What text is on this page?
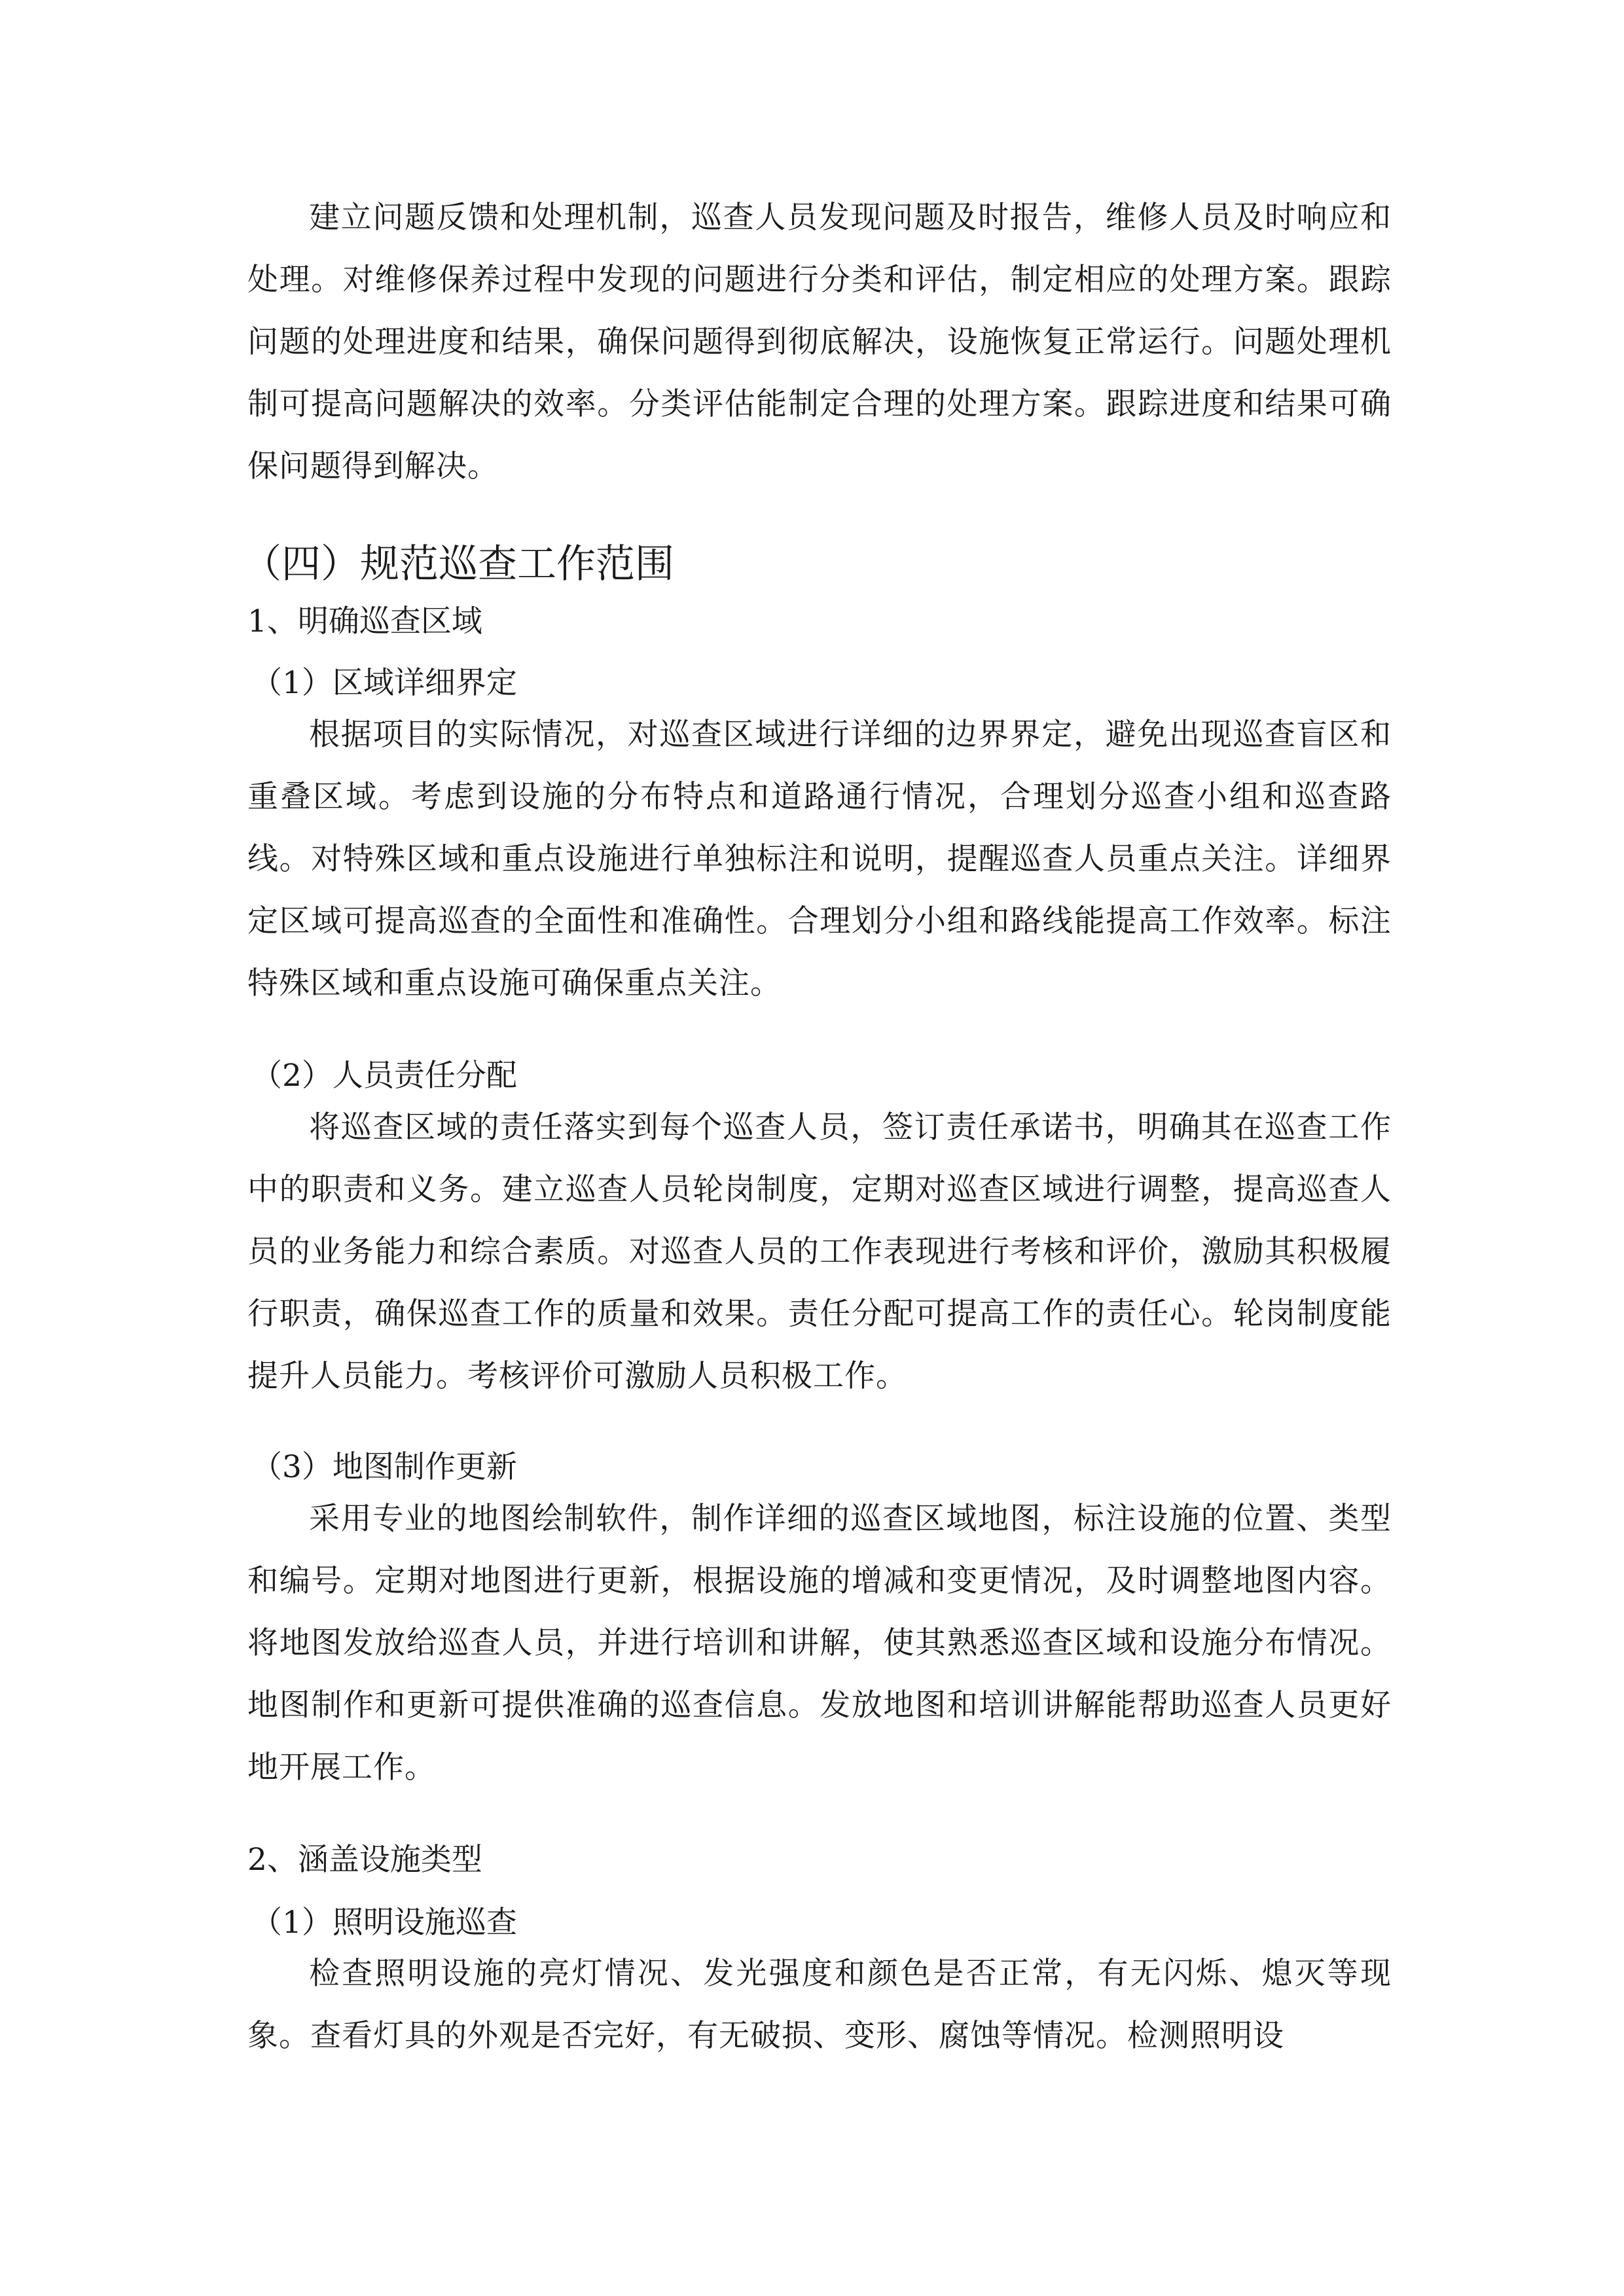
建立问题反馈和处理机制，巡查人员发现问题及时报告，维修人员及时响应和处理。对维修保养过程中发现的问题进行分类和评估，制定相应的处理方案。跟踪问题的处理进度和结果，确保问题得到彻底解决，设施恢复正常运行。问题处理机制可提高问题解决的效率。分类评估能制定合理的处理方案。跟踪进度和结果可确保问题得到解决。

（四）规范巡查工作范围
1、明确巡查区域
（1）区域详细界定

根据项目的实际情况，对巡查区域进行详细的边界界定，避免出现巡查盲区和重叠区域。考虑到设施的分布特点和道路通行情况，合理划分巡查小组和巡查路线。对特殊区域和重点设施进行单独标注和说明，提醒巡查人员重点关注。详细界定区域可提高巡查的全面性和准确性。合理划分小组和路线能提高工作效率。标注特殊区域和重点设施可确保重点关注。

（2）人员责任分配

将巡查区域的责任落实到每个巡查人员，签订责任承诺书，明确其在巡查工作中的职责和义务。建立巡查人员轮岗制度，定期对巡查区域进行调整，提高巡查人员的业务能力和综合素质。对巡查人员的工作表现进行考核和评价，激励其积极履行职责，确保巡查工作的质量和效果。责任分配可提高工作的责任心。轮岗制度能提升人员能力。考核评价可激励人员积极工作。

（3）地图制作更新

采用专业的地图绘制软件，制作详细的巡查区域地图，标注设施的位置、类型和编号。定期对地图进行更新，根据设施的增减和变更情况，及时调整地图内容。将地图发放给巡查人员，并进行培训和讲解，使其熟悉巡查区域和设施分布情况。地图制作和更新可提供准确的巡查信息。发放地图和培训讲解能帮助巡查人员更好地开展工作。

2、涵盖设施类型
（1）照明设施巡查

检查照明设施的亮灯情况、发光强度和颜色是否正常，有无闪烁、熄灭等现象。查看灯具的外观是否完好，有无破损、变形、腐蚀等情况。检测照明设
